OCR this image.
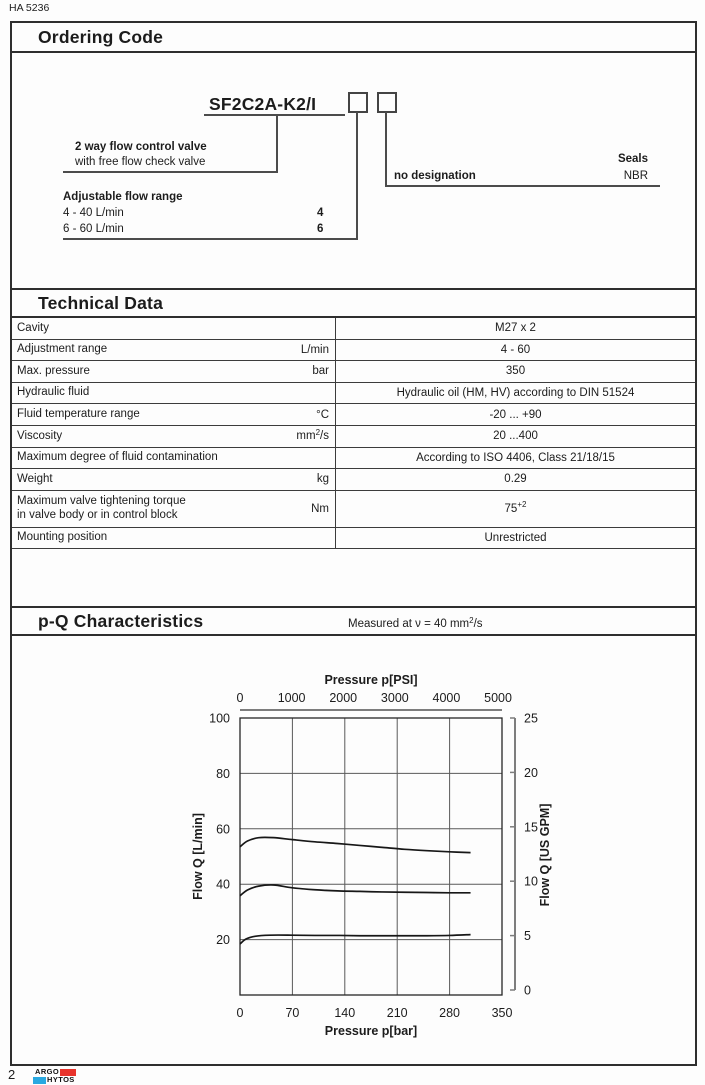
HA 5236
Ordering Code
SF2C2A-K2/I
2 way flow control valve
with free flow check valve
Adjustable flow range
4 - 40 L/min	4
6 - 60 L/min	6
no designation
Seals
NBR
Technical Data
Cavity	M27 x 2
Adjustment range	L/min	4 - 60
Max. pressure	bar	350
Hydraulic fluid	Hydraulic oil (HM, HV) according to DIN 51524
Fluid temperature range	°C	-20 ... +90
Viscosity	$mm^2/s$	20 ...400
Maximum degree of fluid contamination	According to ISO 4406, Class 21/18/15
Weight	kg	0.29
Maximum valve tightening torque
in valve body or in control block	Nm	75 +2
Mounting position	Unrestricted
p-Q Characteristics	Measured at ν = 40 $mm^2/s$
0	1000 2000 3000 4000 5000
Pressure p[PSI]
0	70	140	210	280	350
Pressure p[bar]
20
40
60
80
100
Flow Q [L/min]
25
20
15
10
5
0
Flow Q [US GPM]
2	ARGO
HYTOS
